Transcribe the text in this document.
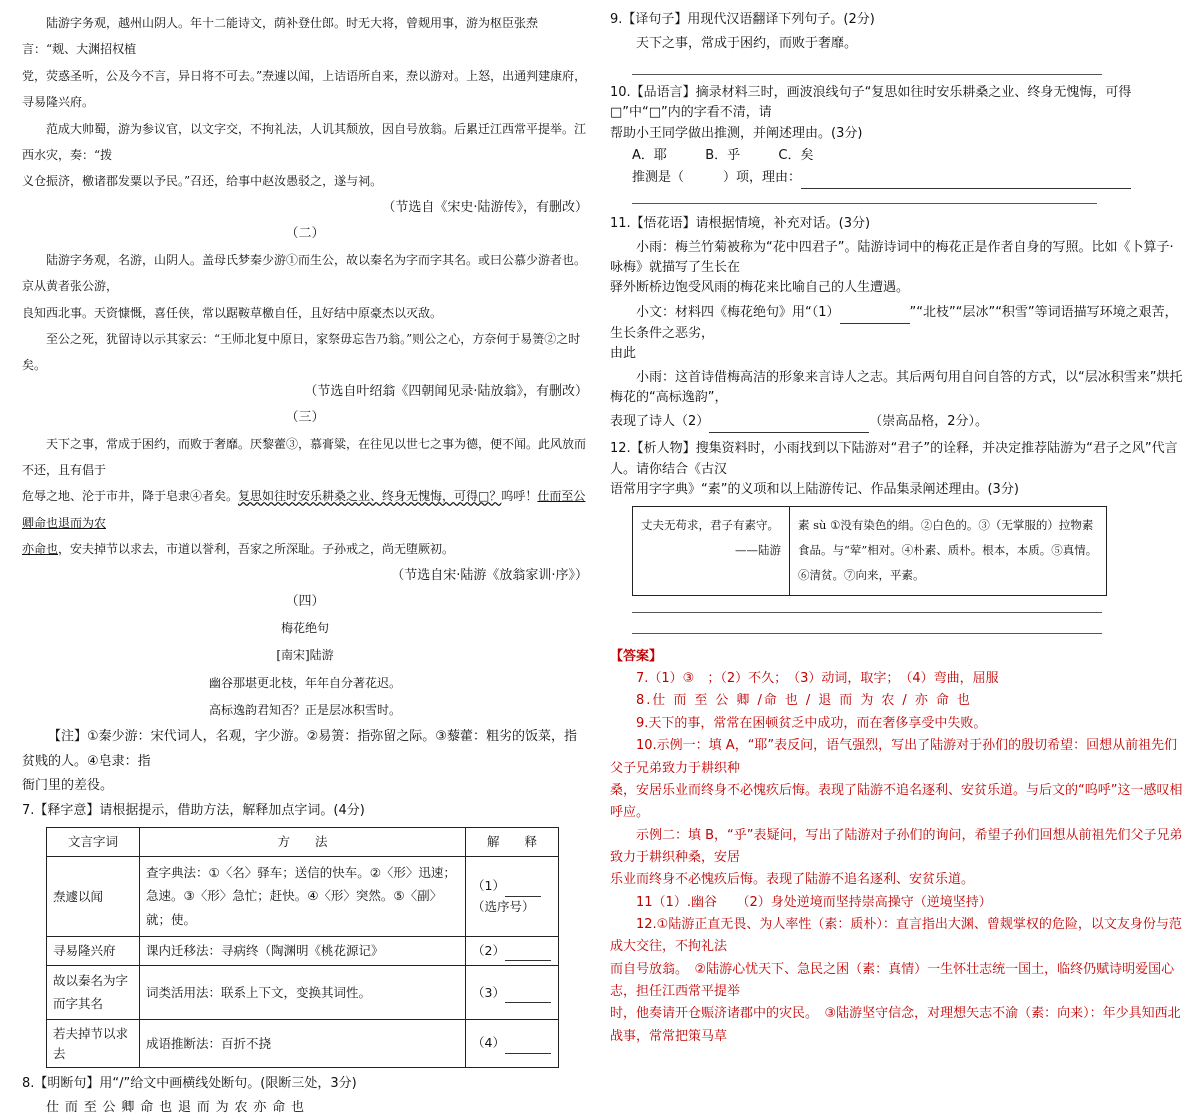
陆游字务观，越州山阴人。年十二能诗文，荫补登仕郎。时无大将，曾觌用事，游为枢臣张焘言：“觌、大渊招权植

党，荧惑圣听，公及今不言，异日将不可去。”焘遽以闻，上诘语所自来，焘以游对。上怒，出通判建康府，寻易隆兴府。

范成大帅蜀，游为参议官，以文字交，不拘礼法，人讥其颓放，因自号放翁。后累迁江西常平提举。江西水灾，奏：“拨

义仓振济，檄诸郡发粟以予民。”召还，给事中赵汝愚驳之，遂与祠。

（节选自《宋史·陆游传》，有删改）

（二）

陆游字务观，名游，山阴人。盖母氏梦秦少游①而生公，故以秦名为字而字其名。或曰公慕少游者也。京从黄者张公游，

良知西北事。天资慷慨，喜任侠，常以踞鞍草檄自任，且好结中原豪杰以灭敌。

至公之死，犹留诗以示其家云：“王师北复中原日，家祭毋忘告乃翁。”则公之心，方奈何于易箦②之时矣。

（节选自叶绍翁《四朝闻见录·陆放翁》，有删改）

（三）

天下之事，常成于困约，而败于奢靡。厌黎藿③，慕膏粱，在往见以世七之事为德，便不闻。此风放而不还，且有倡于

危辱之地、沦于市井，降于皂隶④者矣。复思如往时安乐耕桑之业、终身无愧悔，可得□？呜呼！仕而至公卿命也退而为农

亦命也，安夫掉节以求去，市道以誉利，吾家之所深耻。子孙戒之，尚无堕厥初。

（节选自宋·陆游《放翁家训·序》）

（四）

梅花绝句

[南宋]陆游

幽谷那堪更北枝，年年自分著花迟。

高标逸韵君知否？正是层冰积雪时。

【注】①秦少游：宋代词人，名观，字少游。②易箦：指弥留之际。③藜藿：粗劣的饭菜，指贫贱的人。④皂隶：指

衙门里的差役。

7.【释字意】请根据提示，借助方法，解释加点字词。(4分)

文言字词	方　　法	解　　释
焘遽以闻	查字典法：①〈名〉驿车；送信的快车。②〈形〉迅速；急速。③〈形〉急忙；赶快。④〈形〉突然。⑤〈副〉就；使。	（1）
（选序号）

寻易隆兴府	课内迁移法：寻病终（陶渊明《桃花源记》	（2）
故以秦名为字而字其名	词类活用法：联系上下文，变换其词性。	（3）
若夫掉节以求去	成语推断法：百折不挠	（4）

8.【明断句】用“/”给文中画横线处断句。(限断三处，3分)

仕而至公卿命也退而为农亦命也

9.【译句子】用现代汉语翻译下列句子。(2分)

天下之事，常成于困约，而败于奢靡。

10.【品语言】摘录材料三时，画波浪线句子“复思如往时安乐耕桑之业、终身无愧悔，可得□”中“□”内的字看不清，请

帮助小王同学做出推测，并阐述理由。(3分)

A．耶	B．乎	C．矣

推测是（　　　）项，理由：

11.【悟花语】请根据情境，补充对话。(3分)

小雨：梅兰竹菊被称为“花中四君子”。陆游诗词中的梅花正是作者自身的写照。比如《卜算子·咏梅》就描写了生长在

驿外断桥边饱受风雨的梅花来比喻自己的人生遭遇。

小文：材料四《梅花绝句》用“（1）	”“北枝”“层冰”“积雪”等词语描写环境之艰苦，生长条件之恶劣，

由此

小雨：这首诗借梅高洁的形象来言诗人之志。其后两句用自问自答的方式，以“层冰积雪来”烘托梅花的“高标逸韵”，

表现了诗人（2）	（崇高品格，2分）。

12.【析人物】搜集资料时，小雨找到以下陆游对“君子”的诠释，并决定推荐陆游为“君子之风”代言人。请你结合《古汉

语常用字字典》“素”的义项和以上陆游传记、作品集录阐述理由。(3分)

丈夫无苟求，君子有素守。
——陆游
	素 sù ①没有染色的绢。②白色的。③（无掌服的）拉物素食品。与“荤”相对。④朴素、质朴。根本，本质。⑤真情。⑥清贫。⑦向来，平素。

【答案】

7.（1）③　；（2）不久；　（3）动词，取字；　（4）弯曲，屈服

8.仕 而 至 公 卿 /命 也 / 退 而 为 农 / 亦 命 也

9.天下的事，常常在困顿贫乏中成功，而在奢侈享受中失败。

10.示例一：填 A，“耶”表反问，语气强烈，写出了陆游对于孙们的殷切希望：回想从前祖先们父子兄弟致力于耕织种

桑，安居乐业而终身不必愧疚后悔。表现了陆游不追名逐利、安贫乐道。与后文的“呜呼”这一感叹相呼应。

示例二：填 B，“乎”表疑问，写出了陆游对子孙们的询问，希望子孙们回想从前祖先们父子兄弟致力于耕织种桑，安居

乐业而终身不必愧疚后悔。表现了陆游不追名逐利、安贫乐道。

11（1）.幽谷　　（2）身处逆境而坚持崇高操守（逆境坚持）

12.①陆游正直无畏、为人率性（素：质朴）：直言指出大渊、曾觌掌权的危险，以文友身份与范成大交往，不拘礼法

而自号放翁。　②陆游心忧天下、急民之困（素：真情）一生怀壮志统一国土，临终仍赋诗明爱国心志，担任江西常平提举

时，他奏请开仓赈济诸郡中的灾民。　③陆游坚守信念，对理想矢志不渝（素：向来）：年少具知西北战事，常常把策马草
